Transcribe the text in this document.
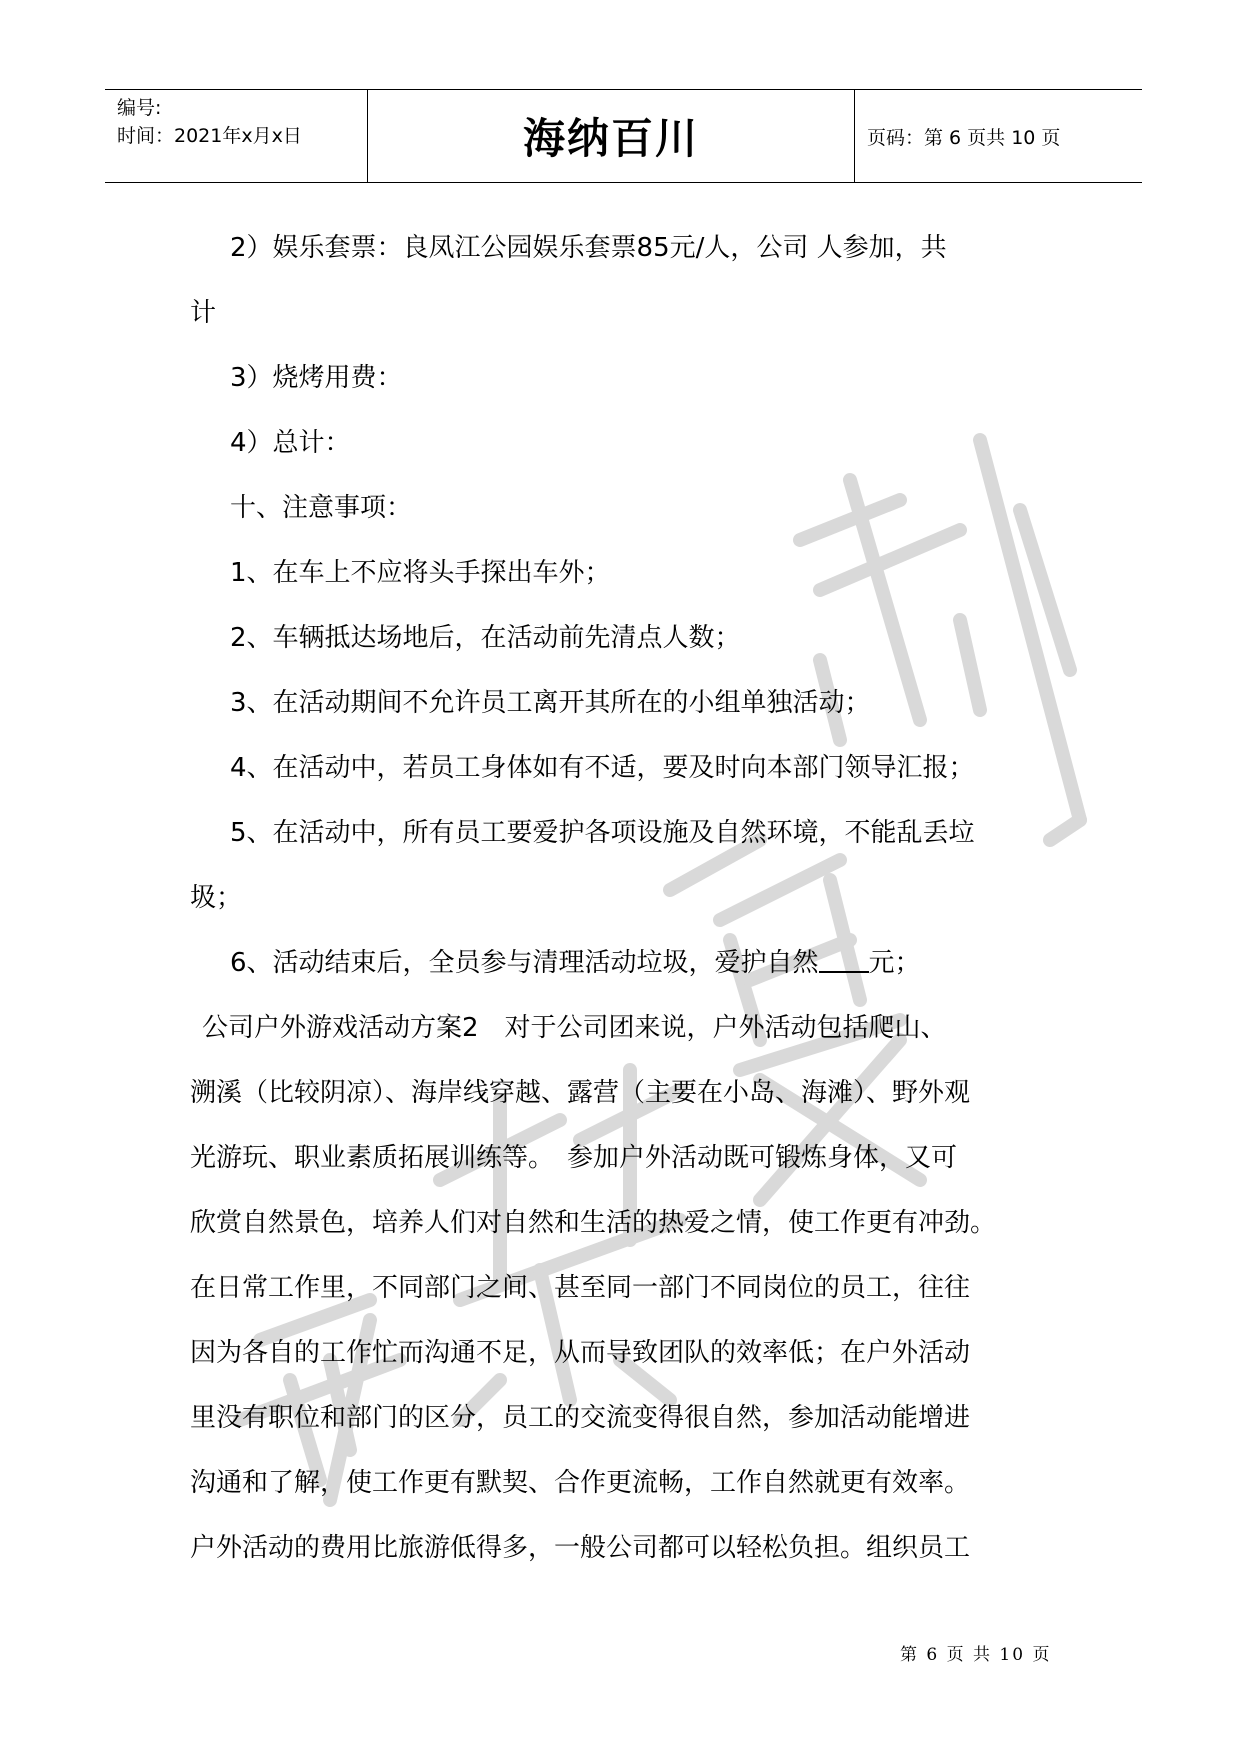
编号:
时间：2021年x月x日	海纳百川	页码：第 6 页共 10 页

2）娱乐套票：良凤江公园娱乐套票85元/人，公司 人参加，共

计

3）烧烤用费：

4）总计：

十、注意事项：

1、在车上不应将头手探出车外；

2、车辆抵达场地后，在活动前先清点人数；

3、在活动期间不允许员工离开其所在的小组单独活动；

4、在活动中，若员工身体如有不适，要及时向本部门领导汇报；

5、在活动中，所有员工要爱护各项设施及自然环境，不能乱丢垃

圾；

6、活动结束后，全员参与清理活动垃圾，爱护自然 元；

公司户外游戏活动方案2　对于公司团来说，户外活动包括爬山、

溯溪（比较阴凉）、海岸线穿越、露营（主要在小岛、海滩）、野外观

光游玩、职业素质拓展训练等。　参加户外活动既可锻炼身体，又可

欣赏自然景色，培养人们对自然和生活的热爱之情，使工作更有冲劲。

在日常工作里，不同部门之间、甚至同一部门不同岗位的员工，往往

因为各自的工作忙而沟通不足，从而导致团队的效率低；在户外活动

里没有职位和部门的区分，员工的交流变得很自然，参加活动能增进

沟通和了解，使工作更有默契、合作更流畅，工作自然就更有效率。

户外活动的费用比旅游低得多，一般公司都可以轻松负担。组织员工

第 6 页 共 10 页
